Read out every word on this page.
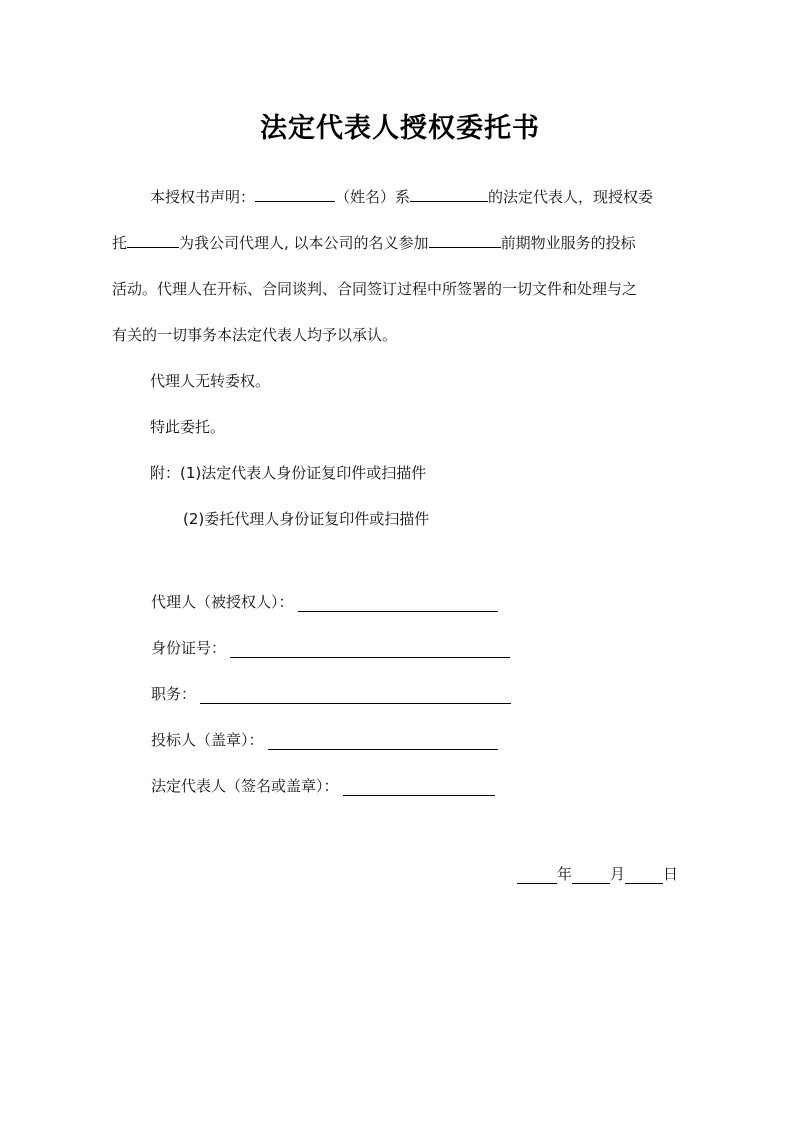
法定代表人授权委托书
本授权书声明：	（姓名）系	的法定代表人，现授权委
托	为我公司代理人, 以本公司的名义参加	前期物业服务的投标
活动。代理人在开标、合同谈判、合同签订过程中所签署的一切文件和处理与之
有关的一切事务本法定代表人均予以承认。
代理人无转委权。
特此委托。
附：(1)法定代表人身份证复印件或扫描件
(2)委托代理人身份证复印件或扫描件
代理人（被授权人）：
身份证号：
职务：
投标人（盖章）：
法定代表人（签名或盖章）：
年	月	日
